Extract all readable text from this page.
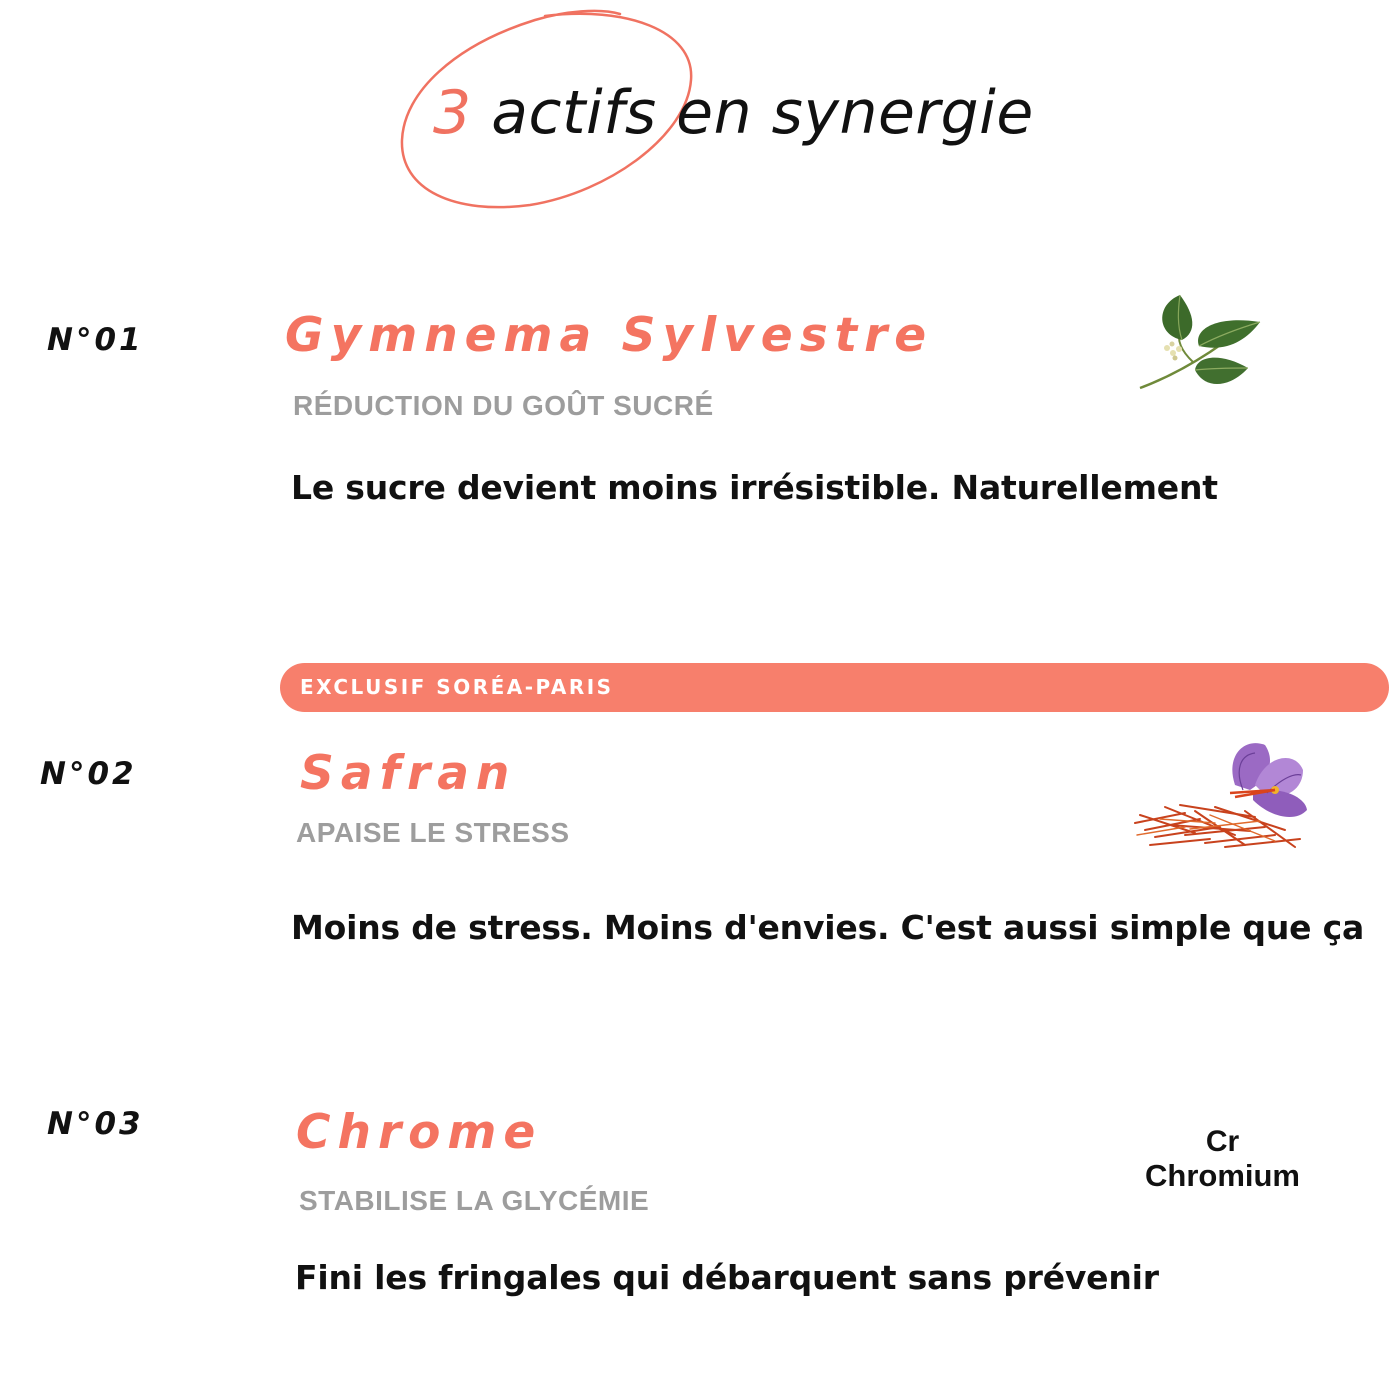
3 actifs en synergie
N°01	Gymnema Sylvestre
RÉDUCTION DU GOÛT SUCRÉ
Le sucre devient moins irrésistible. Naturellement
EXCLUSIF SORÉA-PARIS
N°02	Safran
APAISE LE STRESS
Moins de stress. Moins d'envies. C'est aussi simple que ça
N°03	Chrome
STABILISE LA GLYCÉMIE
Fini les fringales qui débarquent sans prévenir
Cr
Chromium
